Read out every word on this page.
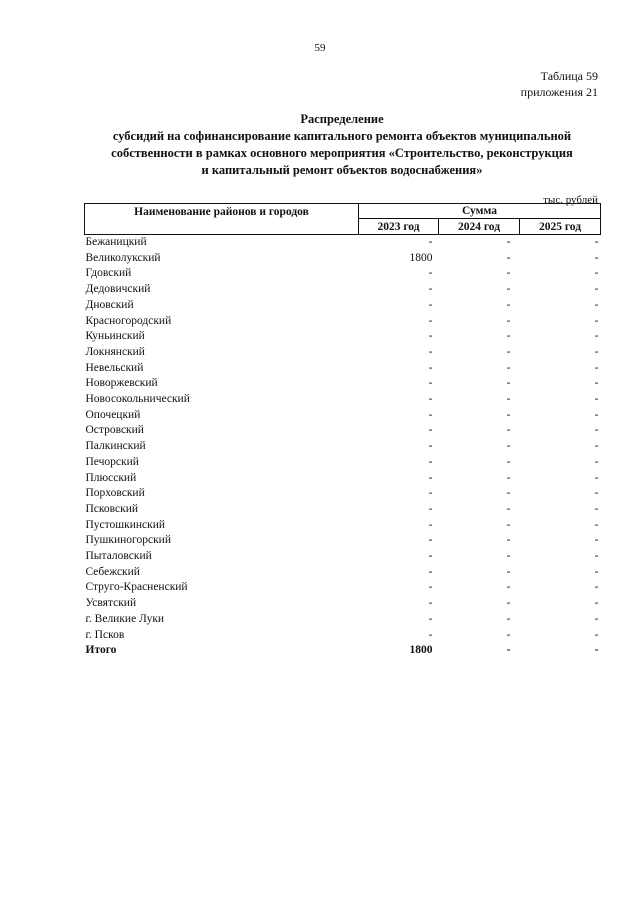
59
Таблица 59
приложения 21
Распределение
субсидий на софинансирование капитального ремонта объектов муниципальной
собственности в рамках основного мероприятия «Строительство, реконструкция
и капитальный ремонт объектов водоснабжения»
тыс. рублей
Наименование районов и городов	Сумма		
	2023 год	2024 год	2025 год
Бежаницкий	-	-	-
Великолукский	1800	-	-
Гдовский	-	-	-
Дедовичский	-	-	-
Дновский	-	-	-
Красногородский	-	-	-
Куньинский	-	-	-
Локнянский	-	-	-
Невельский	-	-	-
Новоржевский	-	-	-
Новосокольнический	-	-	-
Опочецкий	-	-	-
Островский	-	-	-
Палкинский	-	-	-
Печорский	-	-	-
Плюсский	-	-	-
Порховский	-	-	-
Псковский	-	-	-
Пустошкинский	-	-	-
Пушкиногорский	-	-	-
Пыталовский	-	-	-
Себежский	-	-	-
Струго-Красненский	-	-	-
Усвятский	-	-	-
г. Великие Луки	-	-	-
г. Псков	-	-	-
Итого	1800	-	-
